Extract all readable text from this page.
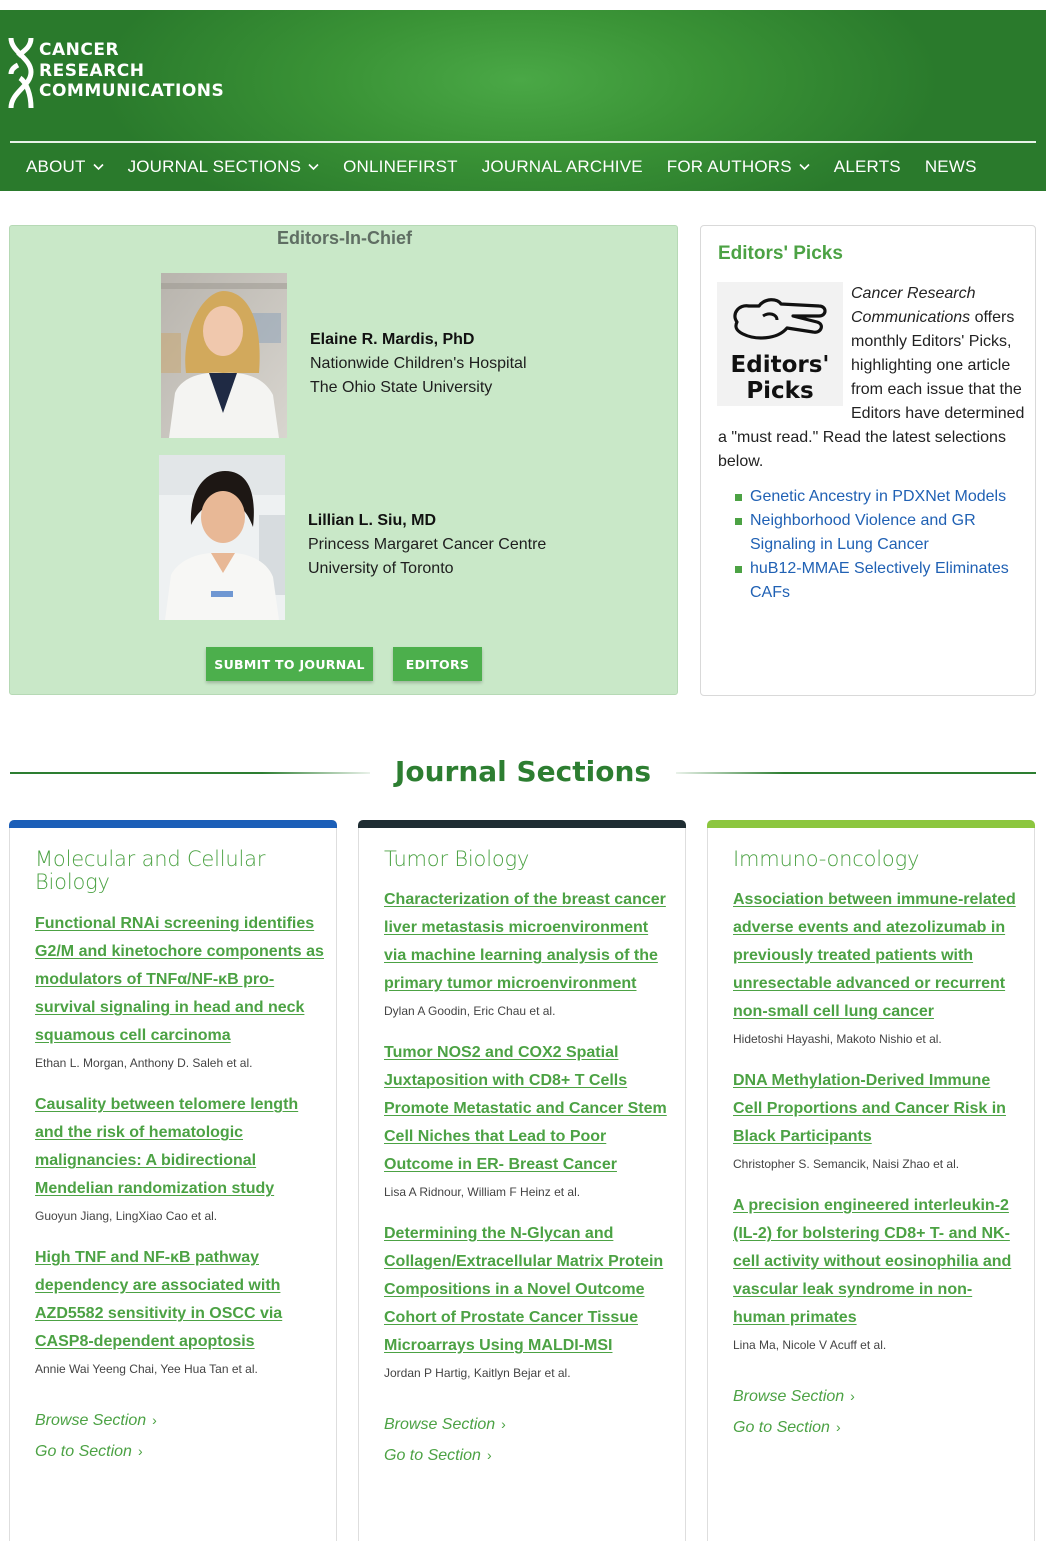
CANCER
RESEARCH
COMMUNICATIONS
ABOUT JOURNAL SECTIONS ONLINEFIRST JOURNAL ARCHIVE FOR AUTHORS ALERTS NEWS
Editors-In-Chief
Elaine R. Mardis, PhD
Nationwide Children's Hospital
The Ohio State University
Lillian L. Siu, MD
Princess Margaret Cancer Centre
University of Toronto
SUBMIT TO JOURNAL	EDITORS
Editors' Picks
Editors'
Picks
Cancer Research Communications offers monthly Editors' Picks, highlighting one article from each issue that the Editors have determined a "must read." Read the latest selections below.
Genetic Ancestry in PDXNet Models
Neighborhood Violence and GR Signaling in Lung Cancer
huB12-MMAE Selectively Eliminates CAFs
Journal Sections
Molecular and Cellular Biology
Functional RNAi screening identifies G2/M and kinetochore components as modulators of TNFα/NF-κB pro-survival signaling in head and neck squamous cell carcinoma
Ethan L. Morgan, Anthony D. Saleh et al.
Causality between telomere length and the risk of hematologic malignancies: A bidirectional Mendelian randomization study
Guoyun Jiang, LingXiao Cao et al.
High TNF and NF-κB pathway dependency are associated with AZD5582 sensitivity in OSCC via CASP8-dependent apoptosis
Annie Wai Yeeng Chai, Yee Hua Tan et al.
Browse Section ›
Go to Section ›
Tumor Biology
Characterization of the breast cancer liver metastasis microenvironment via machine learning analysis of the primary tumor microenvironment
Dylan A Goodin, Eric Chau et al.
Tumor NOS2 and COX2 Spatial Juxtaposition with CD8+ T Cells Promote Metastatic and Cancer Stem Cell Niches that Lead to Poor Outcome in ER- Breast Cancer
Lisa A Ridnour, William F Heinz et al.
Determining the N-Glycan and Collagen/Extracellular Matrix Protein Compositions in a Novel Outcome Cohort of Prostate Cancer Tissue Microarrays Using MALDI-MSI
Jordan P Hartig, Kaitlyn Bejar et al.
Browse Section ›
Go to Section ›
Immuno-oncology
Association between immune-related adverse events and atezolizumab in previously treated patients with unresectable advanced or recurrent non-small cell lung cancer
Hidetoshi Hayashi, Makoto Nishio et al.
DNA Methylation-Derived Immune Cell Proportions and Cancer Risk in Black Participants
Christopher S. Semancik, Naisi Zhao et al.
A precision engineered interleukin-2 (IL-2) for bolstering CD8+ T- and NK-cell activity without eosinophilia and vascular leak syndrome in non-human primates
Lina Ma, Nicole V Acuff et al.
Browse Section ›
Go to Section ›
